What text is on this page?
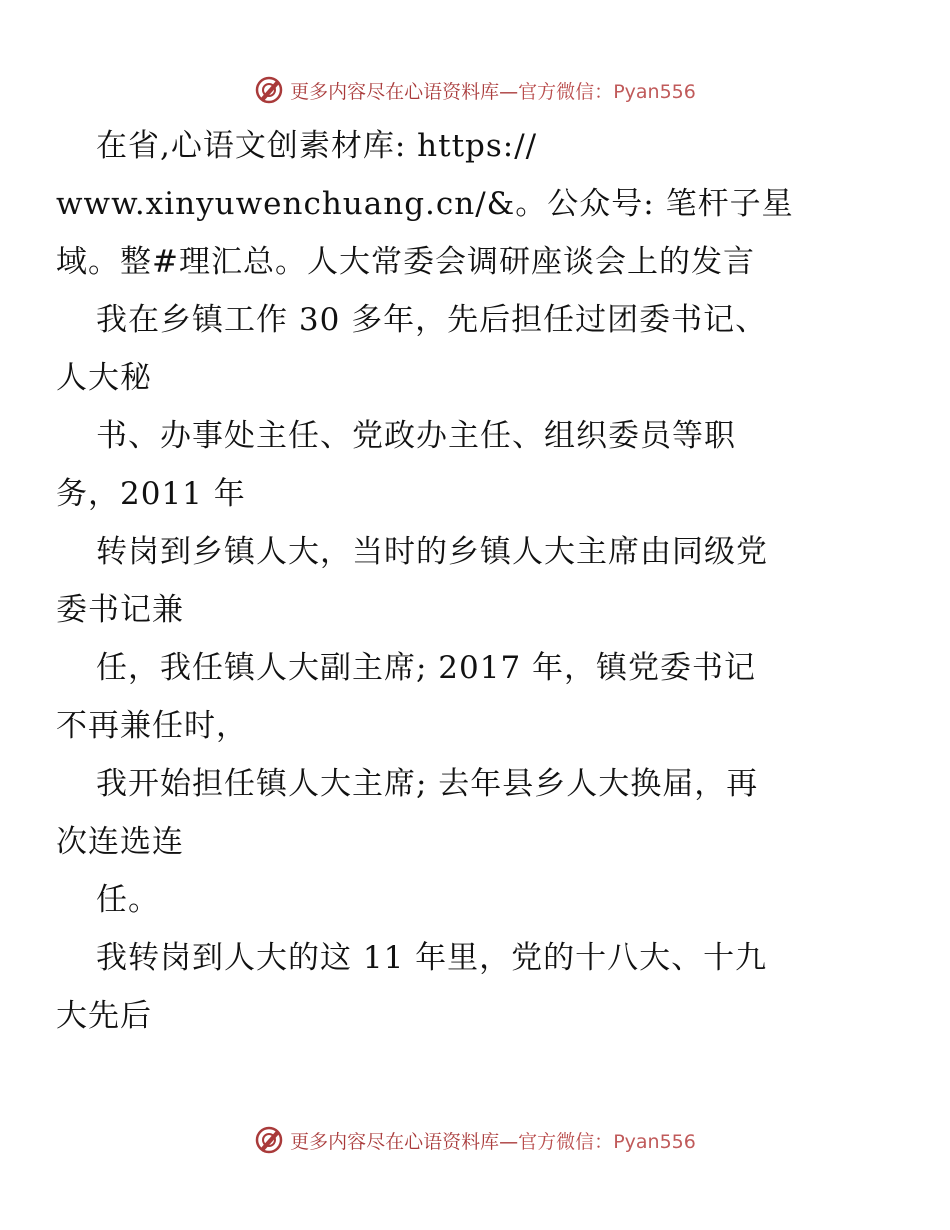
更多内容尽在心语资料库—官方微信：Pyan556
在省,心语文创素材库: https://
www.xinyuwenchuang.cn/&。公众号: 笔杆子星
域。整#理汇总。人大常委会调研座谈会上的发言
我在乡镇工作 30 多年，先后担任过团委书记、
人大秘
书、办事处主任、党政办主任、组织委员等职
务，2011 年
转岗到乡镇人大，当时的乡镇人大主席由同级党
委书记兼
任，我任镇人大副主席; 2017 年，镇党委书记
不再兼任时，
我开始担任镇人大主席; 去年县乡人大换届，再
次连选连
任。
我转岗到人大的这 11 年里，党的十八大、十九
大先后
更多内容尽在心语资料库—官方微信：Pyan556
